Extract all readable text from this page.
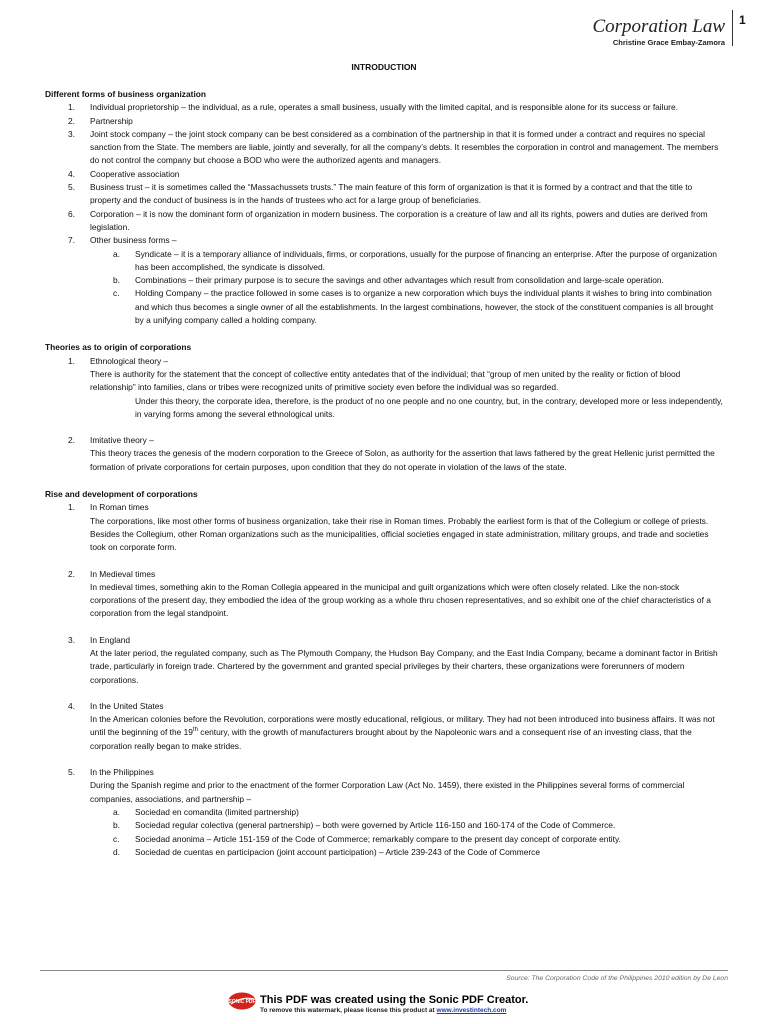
Corporation Law
Christine Grace Embay-Zamora
1
INTRODUCTION

Different forms of business organization

1. Individual proprietorship – the individual, as a rule, operates a small business, usually with the limited capital, and is responsible alone for its success or failure.
2. Partnership
3. Joint stock company – the joint stock company can be best considered as a combination of the partnership in that it is formed under a contract and requires no special sanction from the State. The members are liable, jointly and severally, for all the company’s debts. It resembles the corporation in control and management. The members do not control the company but choose a BOD who were the authorized agents and managers.
4. Cooperative association
5. Business trust – it is sometimes called the “Massachussets trusts.” The main feature of this form of organization is that it is formed by a contract and that the title to property and the conduct of business is in the hands of trustees who act for a large group of beneficiaries.
6. Corporation – it is now the dominant form of organization in modern business. The corporation is a creature of law and all its rights, powers and duties are derived from legislation.
7. Other business forms –
a. Syndicate – it is a temporary alliance of individuals, firms, or corporations, usually for the purpose of financing an enterprise. After the purpose of organization has been accomplished, the syndicate is dissolved.
b. Combinations – their primary purpose is to secure the savings and other advantages which result from consolidation and large-scale operation.
c. Holding Company – the practice followed in some cases is to organize a new corporation which buys the individual plants it wishes to bring into combination and which thus becomes a single owner of all the establishments. In the largest combinations, however, the stock of the constituent companies is all brought by a unifying company called a holding company.

Theories as to origin of corporations

1. Ethnological theory –
There is authority for the statement that the concept of collective entity antedates that of the individual; that “group of men united by the reality or fiction of blood relationship” into families, clans or tribes were recognized units of primitive society even before the individual was so regarded.
Under this theory, the corporate idea, therefore, is the product of no one people and no one country, but, in the contrary, developed more or less independently, in varying forms among the several ethnological units.
2. Imitative theory –
This theory traces the genesis of the modern corporation to the Greece of Solon, as authority for the assertion that laws fathered by the great Hellenic jurist permitted the formation of private corporations for certain purposes, upon condition that they do not operate in violation of the laws of the state.

Rise and development of corporations

1. In Roman times
The corporations, like most other forms of business organization, take their rise in Roman times. Probably the earliest form is that of the Collegium or college of priests. Besides the Collegium, other Roman organizations such as the municipalities, official societies engaged in state administration, military groups, and trade and societies took on corporate form.
2. In Medieval times
In medieval times, something akin to the Roman Collegia appeared in the municipal and guilt organizations which were often closely related. Like the non-stock corporations of the present day, they embodied the idea of the group working as a whole thru chosen representatives, and so exhibit one of the chief characteristics of a corporation from the legal standpoint.
3. In England
At the later period, the regulated company, such as The Plymouth Company, the Hudson Bay Company, and the East India Company, became a dominant factor in British trade, particularly in foreign trade. Chartered by the government and granted special privileges by their charters, these organizations were forerunners of modern corporations.
4. In the United States
In the American colonies before the Revolution, corporations were mostly educational, religious, or military. They had not been introduced into business affairs. It was not until the beginning of the 19th century, with the growth of manufacturers brought about by the Napoleonic wars and a consequent rise of an investing class, that the corporation really began to make strides.
5. In the Philippines
During the Spanish regime and prior to the enactment of the former Corporation Law (Act No. 1459), there existed in the Philippines several forms of commercial companies, associations, and partnership –
a. Sociedad en comandita (limited partnership)
b. Sociedad regular colectiva (general partnership) – both were governed by Article 116-150 and 160-174 of the Code of Commerce.
c. Sociedad anonima – Article 151-159 of the Code of Commerce; remarkably compare to the present day concept of corporate entity.
d. Sociedad de cuentas en participacion (joint account participation) – Article 239-243 of the Code of Commerce
Source: The Corporation Code of the Philippines 2010 edition by De Leon
SONIC PDF This PDF was created using the Sonic PDF Creator.
To remove this watermark, please license this product at www.investintech.com
